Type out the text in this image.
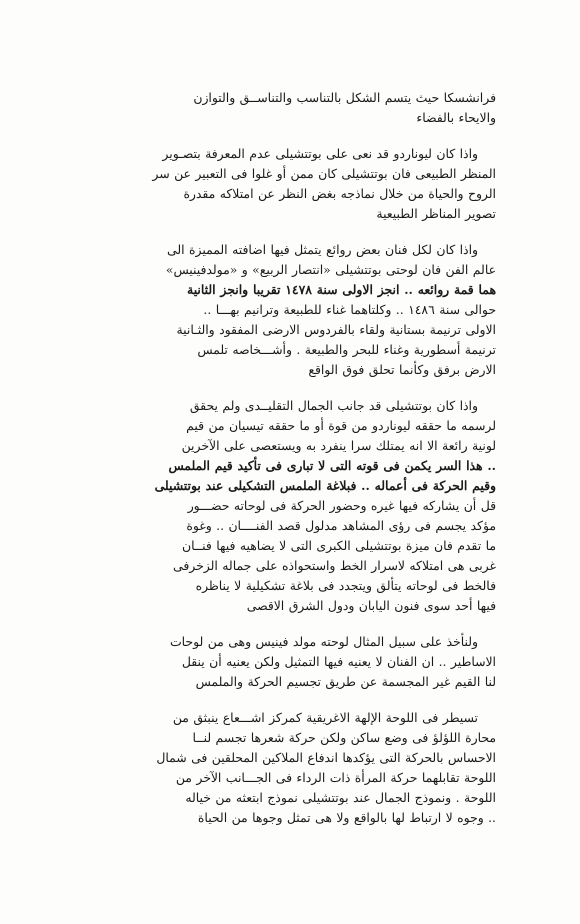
فرانشسكا حيث يتسم الشكل بالتناسب والتناســق والتوازن
والايحاء بالفضاء
واذا كان ليوناردو قد نعى على بوتتشيلى عدم المعرفة بتصـوير
المنظر الطبيعى فان بوتتشيلى كان ممن أو غلوا فى التعبير عن سر
الروح والحياة من خلال نماذجه بغض النظر عن امتلاكه مقدرة
تصوير المناظر الطبيعية
واذا كان لكل فنان بعض روائع يتمثل فيها اضافته المميزة الى
عالم الفن فان لوحتى بوتتشيلى «انتصار الربيع» و «مولدفينيس»
هما قمة روائعه .. انجز الاولى سنة ١٤٧٨ تقريبا وانجز الثانية
حوالى سنة ١٤٨٦ .. وكلتاهما غناء للطبيعة وترانيم بهـــا ..
الاولى ترنيمة بستانية ولقاء بالفردوس الارضى المفقود والثـانية
ترنيمة أسطورية وغناء للبحر والطبيعة . وأشـــخاصه تلمس
الارض برفق وكأنما تحلق فوق الواقع
واذا كان بوتتشيلى قد جانب الجمال التقليــدى ولم يحقق
لرسمه ما حققه ليوناردو من قوة أو ما حققه تيسيان من قيم
لونية رائعة الا انه يمتلك سرا ينفرد به ويستعصى على الآخرين
.. هذا السر يكمن فى قوته التى لا تبارى فى تأكيد قيم الملمس
وقيم الحركة فى أعماله .. فبلاغة الملمس التشكيلى عند بوتتشيلى
قل أن يشاركه فيها غيره وحضور الحركة فى لوحاته حضـــور
مؤكد يجسم فى رؤى المشاهد مدلول قصد الفنــــان .. وغوة
ما تقدم فان ميزة بوتتشيلى الكبرى التى لا يضاهيه فيها فنــان
غربى هى امتلاكه لاسرار الخط واستحواذه على جماله الزخرفى
فالخط فى لوحاته يتألق ويتجدد فى بلاغة تشكيلية لا يناظره
فيها أحد سوى فنون اليابان ودول الشرق الاقصى
ولنأخذ على سبيل المثال لوحته مولد فينيس وهى من لوحات
الاساطير .. ان الفنان لا يعنيه فيها التمثيل ولكن يعنيه أن ينقل
لنا القيم غير المجسمة عن طريق تجسيم الحركة والملمس
تسيطر فى اللوحة الإلهة الاغريقية كمركز اشـــعاع ينبثق من
محارة اللؤلؤ فى وضع ساكن ولكن حركة شعرها تجسم لنــا
الاحساس بالحركة التى يؤكدها اندفاع الملاكين المحلقين فى شمال
اللوحة تقابلهما حركة المرأة ذات الرداء فى الجـــانب الآخر من
اللوحة . ونموذج الجمال عند بوتتشيلى نموذج ابتعثه من خياله
.. وجوه لا ارتباط لها بالواقع ولا هى تمثل وجوها من الحياة
